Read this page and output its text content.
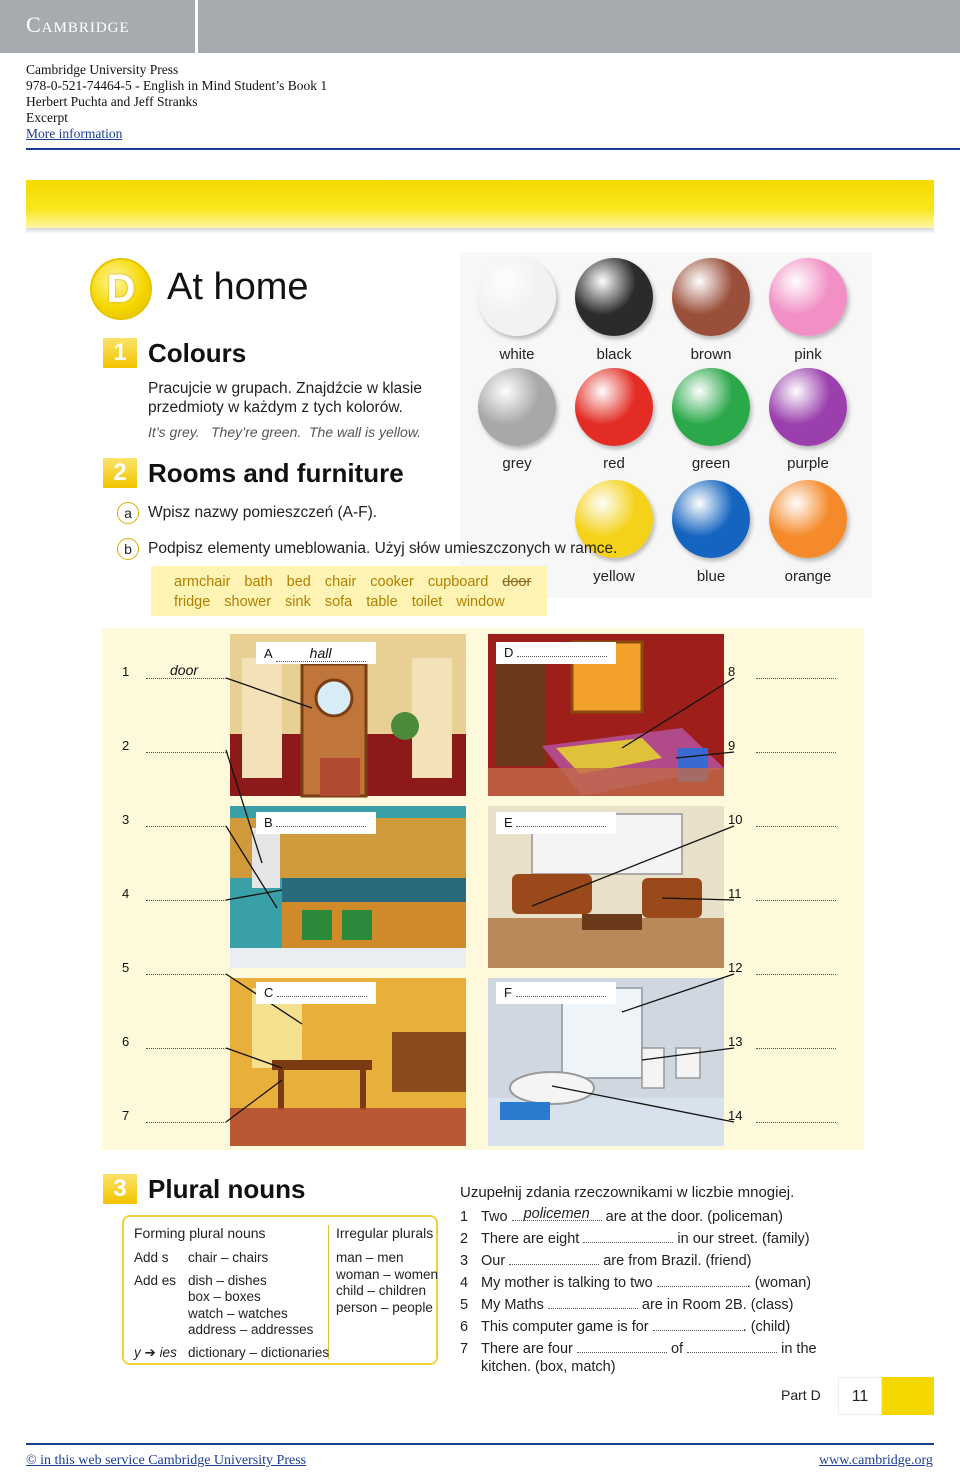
Cambridge
Cambridge University Press
978-0-521-74464-5 - English in Mind Student’s Book 1
Herbert Puchta and Jeff Stranks
Excerpt
More information
D At home
1 Colours
Pracujcie w grupach. Znajdźcie w klasie
przedmioty w każdym z tych kolorów.
It’s grey. They’re green. The wall is yellow.
white	black	brown	pink
grey	red	green	purple
yellow	blue	orange
2 Rooms and furniture
a	Wpisz nazwy pomieszczeń (A-F).
b	Podpisz elementy umeblowania. Użyj słów umieszczonych w ramce.
armchair bath bed chair cooker cupboard door
fridge shower sink sofa table toilet window
A hall
B
C
D
E
F
1	door
2
3
4
5
6
7
8
9
10
11
12
13
14
3 Plural nouns
Forming plural nouns	Irregular plurals
Add s chair – chairs
Add es dish – dishes
box – boxes
watch – watches
address – addresses
y ➔ ies dictionary – dictionaries
man – men
woman – women
child – children
person – people
Uzupełnij zdania rzeczownikami w liczbie mnogiej.
1 Two policemen are at the door. (policeman)
2 There are eight	in our street. (family)
3 Our	are from Brazil. (friend)
4 My mother is talking to two	. (woman)
5 My Maths	are in Room 2B. (class)
6 This computer game is for	. (child)
7 There are four	of	in the
kitchen. (box, match)
11
Part D
© in this web service Cambridge University Press	www.cambridge.org
